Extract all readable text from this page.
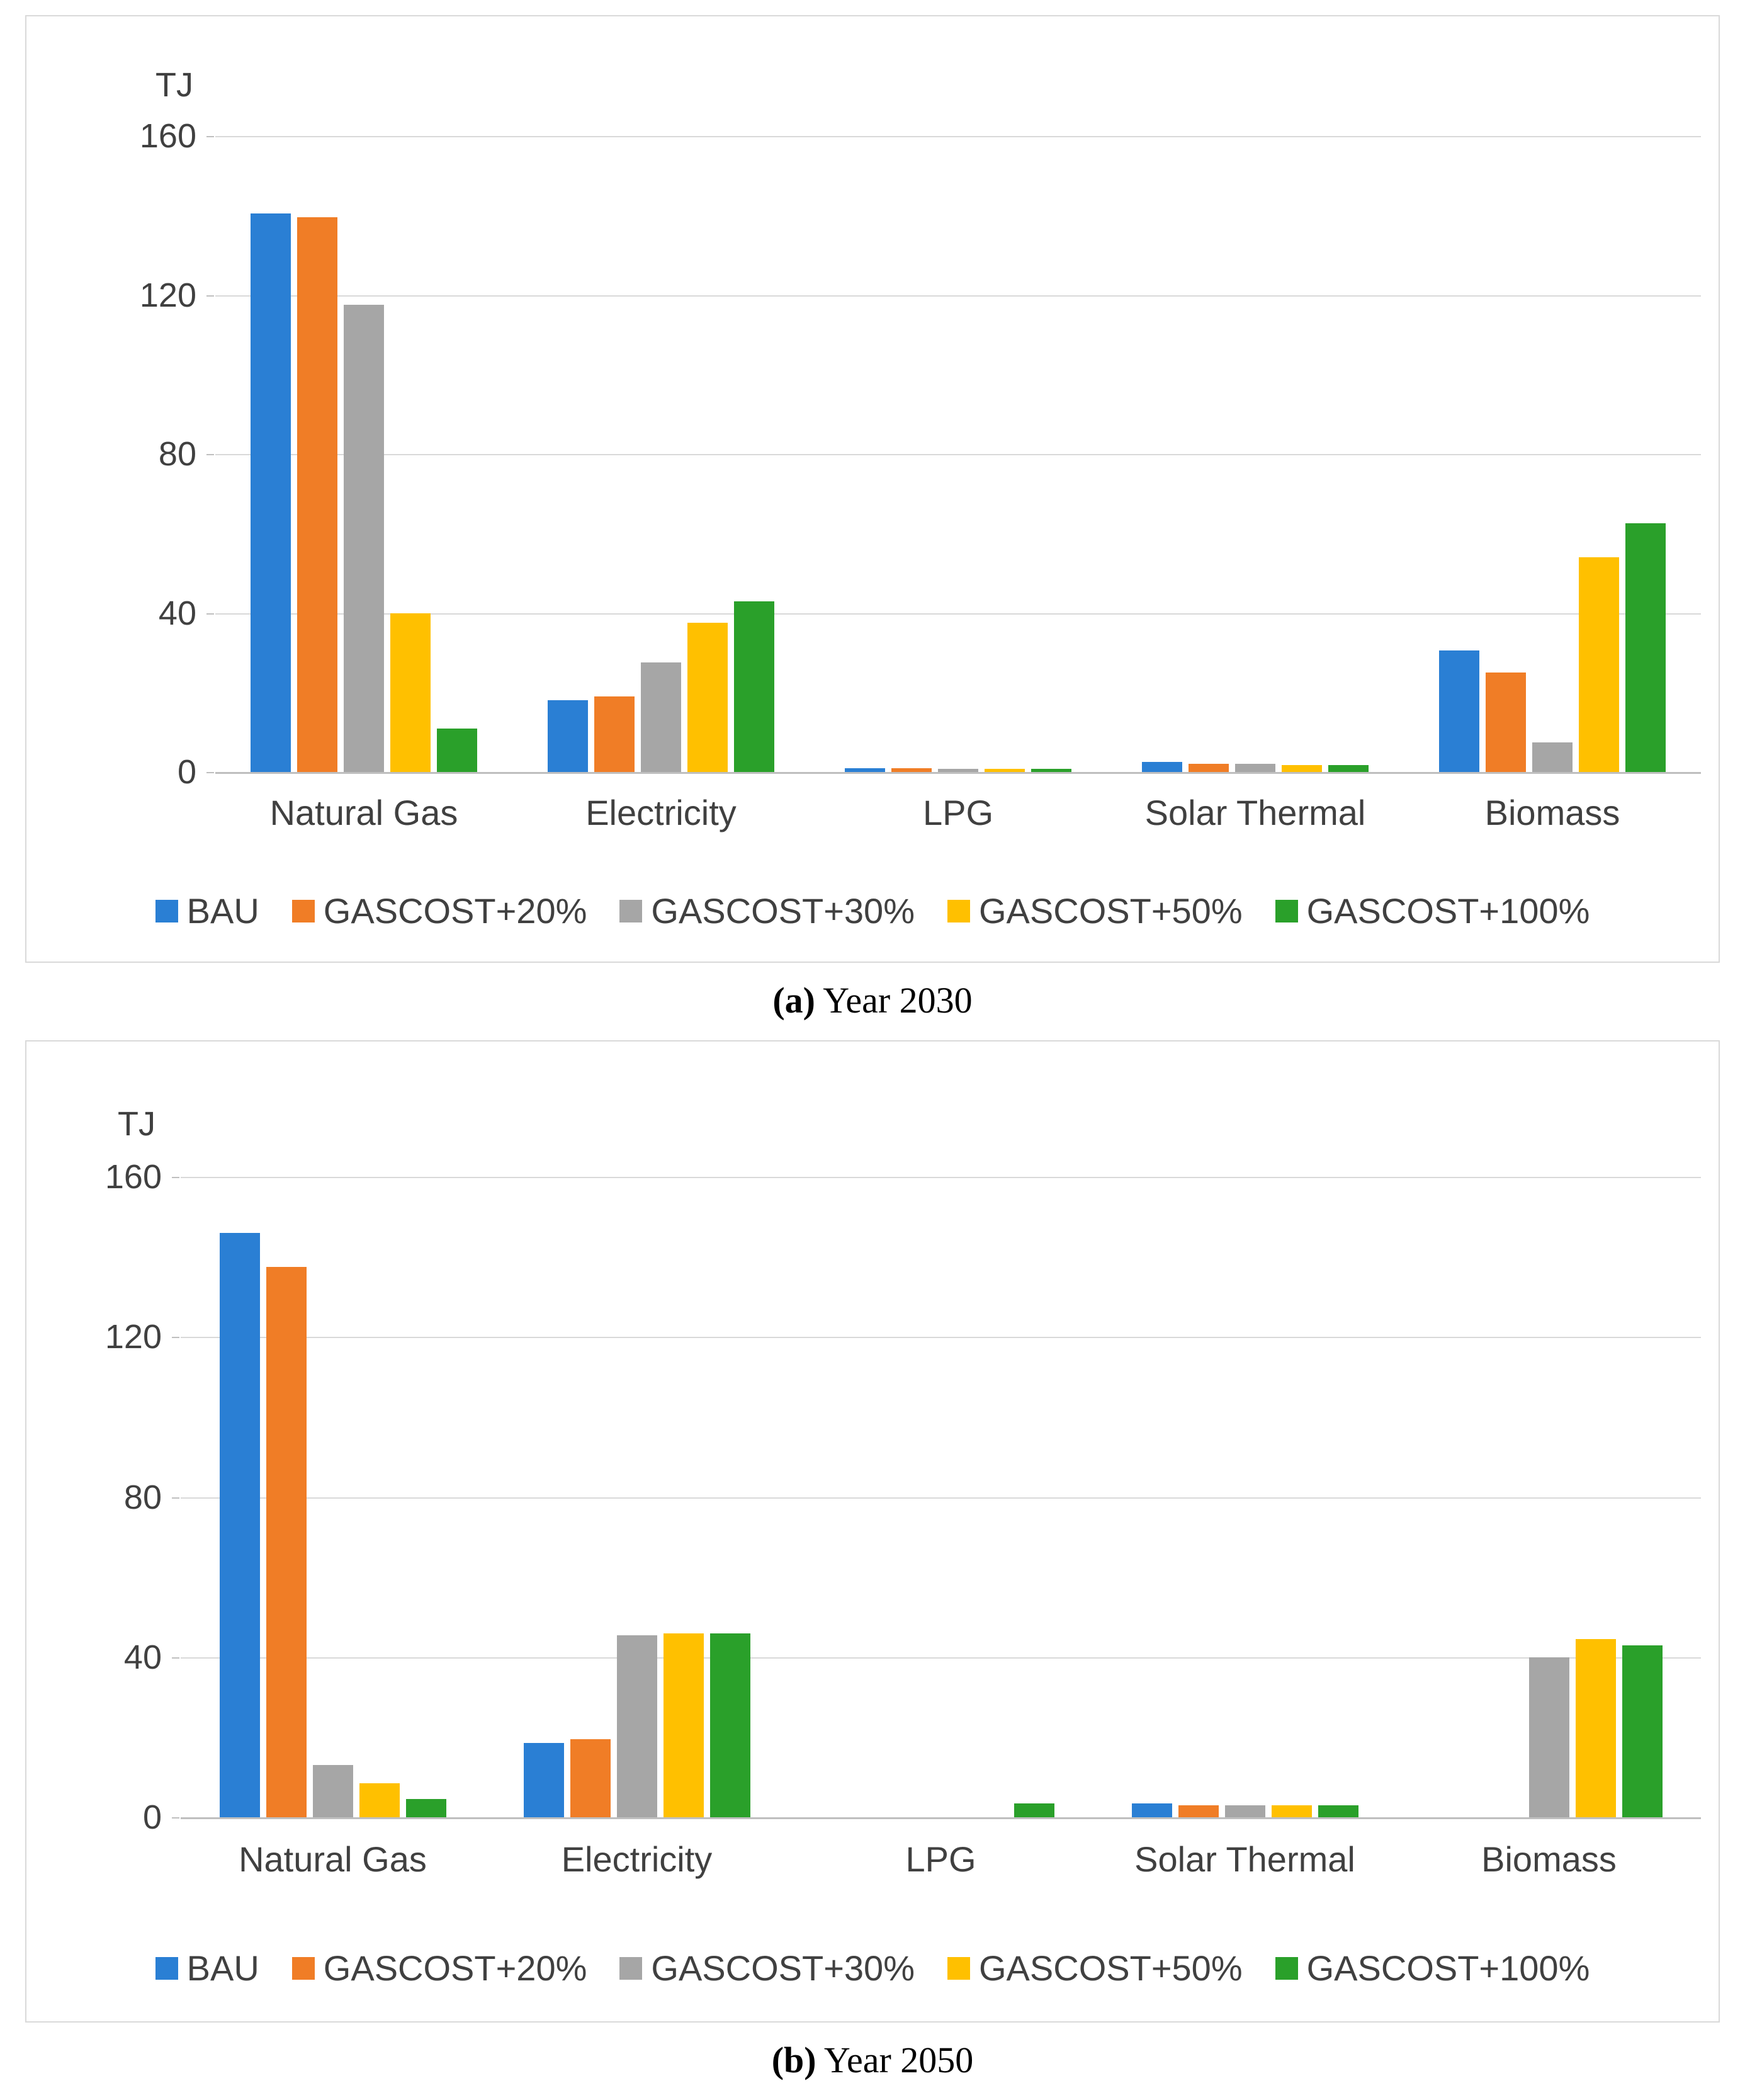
TJ
0
40
80
120
160
Natural Gas	Electricity	LPG	Solar Thermal	Biomass
BAU GASCOST+20% GASCOST+30% GASCOST+50% GASCOST+100%
(a) Year 2030
TJ
0
40
80
120
160
Natural Gas	Electricity	LPG	Solar Thermal	Biomass
BAU GASCOST+20% GASCOST+30% GASCOST+50% GASCOST+100%
(b) Year 2050
